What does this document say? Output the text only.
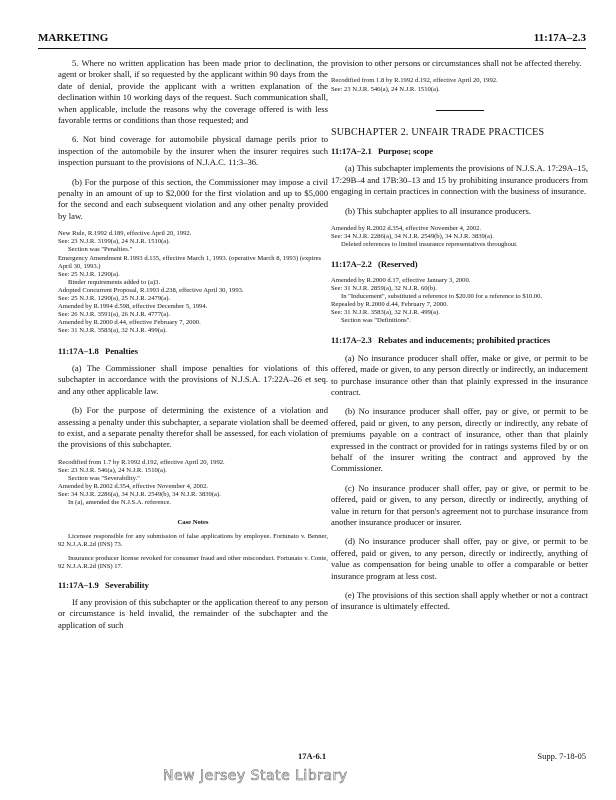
MARKETING	11:17A–2.3

5. Where no written application has been made prior to declination, the agent or broker shall, if so requested by the applicant within 90 days from the date of denial, provide the applicant with a written explanation of the declination within 10 working days of the request. Such communication shall, when applicable, include the reasons why the coverage offered is with less favorable terms or conditions than those requested; and

6. Not bind coverage for automobile physical damage perils prior to inspection of the automobile by the insurer when the insurer requires such inspection pursuant to the provisions of N.J.A.C. 11:3–36.

(b) For the purpose of this section, the Commissioner may impose a civil penalty in an amount of up to $2,000 for the first violation and up to $5,000 for the second and each subsequent violation and any other penalty provided by law.

New Rule, R.1992 d.189, effective April 20, 1992.
See: 23 N.J.R. 3199(a), 24 N.J.R. 1510(a).
Section was "Penalties."
Emergency Amendment R.1993 d.135, effective March 1, 1993. (operative March 8, 1993) (expires April 30, 1993.)
See: 25 N.J.R. 1290(a).
Binder requirements added to (a)3.
Adopted Concurrent Proposal, R.1993 d.238, effective April 30, 1993.
See: 25 N.J.R. 1290(a), 25 N.J.R. 2479(a).
Amended by R.1994 d.598, effective December 5, 1994.
See: 26 N.J.R. 3591(a), 26 N.J.R. 4777(a).
Amended by R.2000 d.44, effective February 7, 2000.
See: 31 N.J.R. 3583(a), 32 N.J.R. 499(a).
11:17A–1.8 Penalties

(a) The Commissioner shall impose penalties for violations of this subchapter in accordance with the provisions of N.J.S.A. 17:22A–26 et seq. and any other applicable law.

(b) For the purpose of determining the existence of a violation and assessing a penalty under this subchapter, a separate violation shall be deemed to exist, and a separate penalty therefor shall be assessed, for each violation of the provisions of this subchapter.

Recodified from 1.7 by R.1992 d.192, effective April 20, 1992.
See: 23 N.J.R. 546(a), 24 N.J.R. 1510(a).
Section was "Severability."
Amended by R.2002 d.354, effective November 4, 2002.
See: 34 N.J.R. 2286(a), 34 N.J.R. 2549(b), 34 N.J.R. 3839(a).
In (a), amended the N.J.S.A. reference.
Case Notes

Licensee responsible for any submission of false applications by employee. Fortunato v. Benner, 92 N.J.A.R.2d (INS) 73.

Insurance producer license revoked for consumer fraud and other misconduct. Fortunato v. Conte, 92 N.J.A.R.2d (INS) 17.

11:17A–1.9 Severability

If any provision of this subchapter or the application thereof to any person or circumstance is held invalid, the remainder of the subchapter and the application of such

provision to other persons or circumstances shall not be affected thereby.

Recodified from 1.8 by R.1992 d.192, effective April 20, 1992.
See: 23 N.J.R. 546(a), 24 N.J.R. 1510(a).
SUBCHAPTER 2. UNFAIR TRADE PRACTICES
11:17A–2.1 Purpose; scope

(a) This subchapter implements the provisions of N.J.S.A. 17:29A–15, 17:29B–4 and 17B:30–13 and 15 by prohibiting insurance producers from engaging in certain practices in connection with the business of insurance.

(b) This subchapter applies to all insurance producers.

Amended by R.2002 d.354, effective November 4, 2002.
See: 34 N.J.R. 2286(a), 34 N.J.R. 2549(b), 34 N.J.R. 3839(a).
Deleted references to limited insurance representatives throughout.
11:17A–2.2 (Reserved)
Amended by R.2000 d.17, effective January 3, 2000.
See: 31 N.J.R. 2859(a), 32 N.J.R. 60(b).
In "Inducement", substituted a reference to $20.00 for a reference to $10.00.
Repealed by R.2000 d.44, February 7, 2000.
See: 31 N.J.R. 3583(a), 32 N.J.R. 499(a).
Section was "Definitions".
11:17A–2.3 Rebates and inducements; prohibited practices

(a) No insurance producer shall offer, make or give, or permit to be offered, made or given, to any person directly or indirectly, an inducement to purchase insurance other than that plainly expressed in the insurance contract.

(b) No insurance producer shall offer, pay or give, or permit to be offered, paid or given, to any person, directly or indirectly, any rebate of premiums payable on a contract of insurance, other than that plainly expressed in the contract or provided for in ratings systems filed by or on behalf of the insurer writing the contract and approved by the Commissioner.

(c) No insurance producer shall offer, pay or give, or permit to be offered, paid or given, to any person, directly or indirectly, anything of value in return for that person's agreement not to purchase insurance from another insurance producer or insurer.

(d) No insurance producer shall offer, pay or give, or permit to be offered, paid or given, to any person, directly or indirectly, anything of value as compensation for being unable to offer a comparable or better insurance program at less cost.

(e) The provisions of this section shall apply whether or not a contract of insurance is ultimately effected.

17A-6.1	Supp. 7-18-05
New Jersey State Library
